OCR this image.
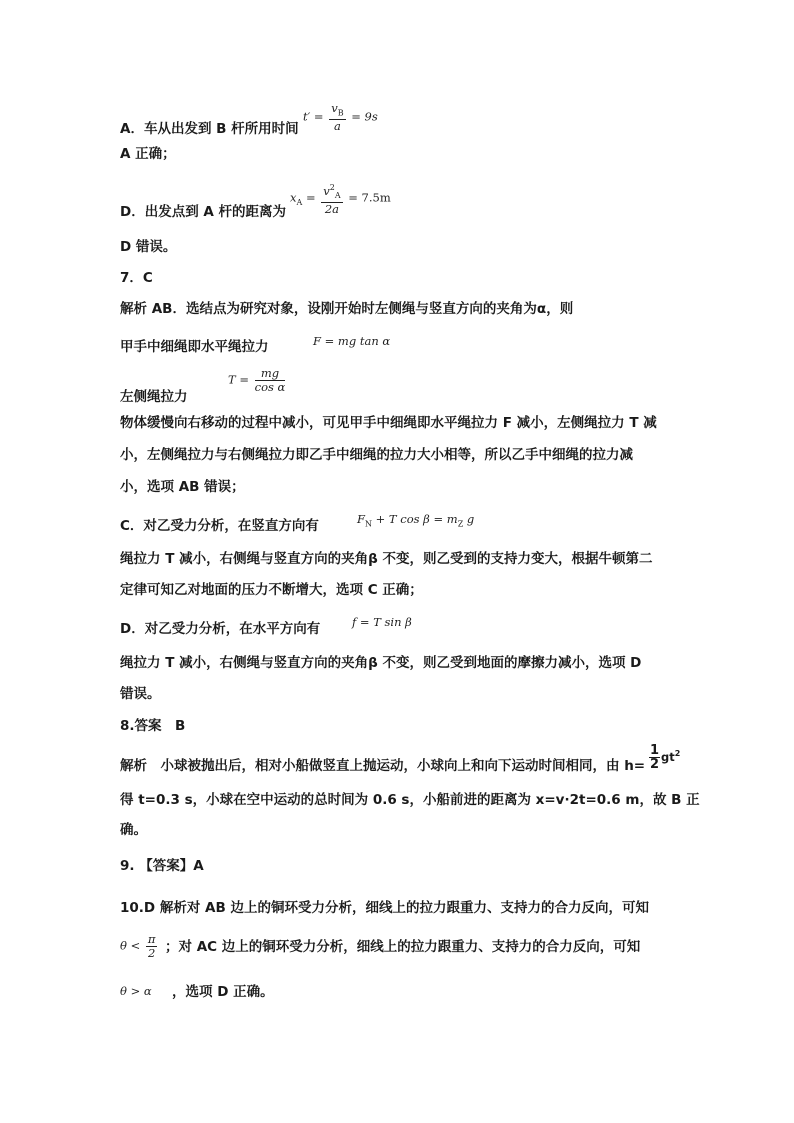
A．车从出发到 B 杆所用时间
$t' = \frac{v_B}{a} = 9s$
A 正确；
D．出发点到 A 杆的距离为
$x_A = \frac{v^2_A}{2a} = 7.5m$
D 错误。
7．C
解析 AB．选结点为研究对象，设刚开始时左侧绳与竖直方向的夹角为α，则
甲手中细绳即水平绳拉力	F = mg tan α
左侧绳拉力
$T = \frac{mg}{\text{cos α}}$
物体缓慢向右移动的过程中减小，可见甲手中细绳即水平绳拉力 F 减小，左侧绳拉力 T 减
小，左侧绳拉力与右侧绳拉力即乙手中细绳的拉力大小相等，所以乙手中细绳的拉力减
小，选项 AB 错误；
C．对乙受力分析，在竖直方向有	$F_N + T$ $\cos \beta = m_Z$ g
绳拉力 T 减小，右侧绳与竖直方向的夹角β 不变，则乙受到的支持力变大，根据牛顿第二
定律可知乙对地面的压力不断增大，选项 C 正确；
D．对乙受力分析，在水平方向有	f = T sin β
绳拉力 T 减小，右侧绳与竖直方向的夹角β 不变，则乙受到地面的摩擦力减小，选项 D
错误。
8.答案　B
解析　小球被抛出后，相对小船做竖直上抛运动，小球向上和向下运动时间相同，由 $h= \frac{1}{2} gt^2$
得 t=0.3 s，小球在空中运动的总时间为 0.6 s，小船前进的距离为 x=v·2t=0.6 m，故 B 正
确。
9. 【答案】A
10.D 解析对 AB 边上的铜环受力分析，细线上的拉力跟重力、支持力的合力反向，可知
$\theta < \frac{\pi}{2}$ ；对 AC 边上的铜环受力分析，细线上的拉力跟重力、支持力的合力反向，可知
θ > α ，选项 D 正确。
